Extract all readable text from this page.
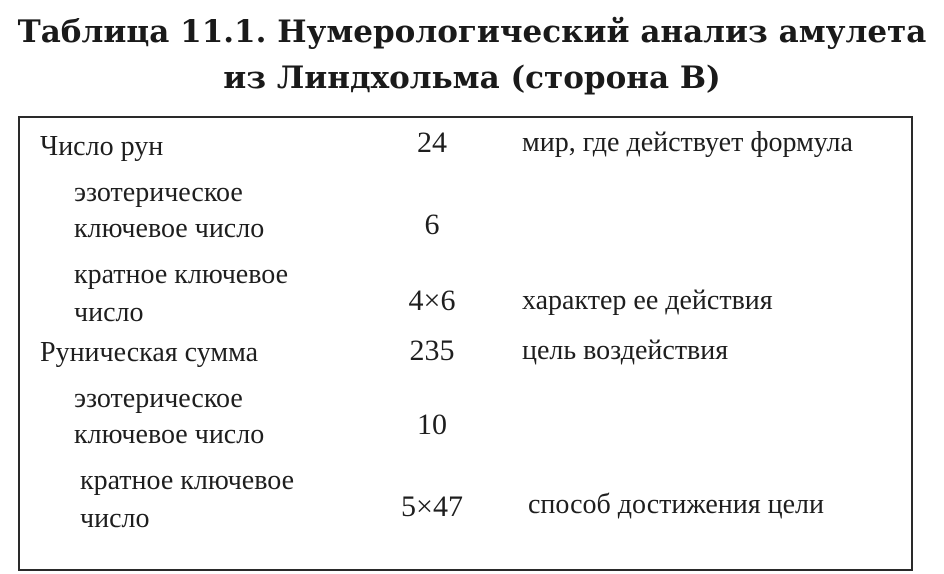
Таблица 11.1. Нумерологический анализ амулета
из Линдхольма (сторона B)
Число рун	24	мир, где действует формула
эзотерическое
ключевое число	6
кратное ключевое
число	4×6	характер ее действия
Руническая сумма	235	цель воздействия
эзотерическое
ключевое число	10
кратное ключевое
число	5×47	способ достижения цели
